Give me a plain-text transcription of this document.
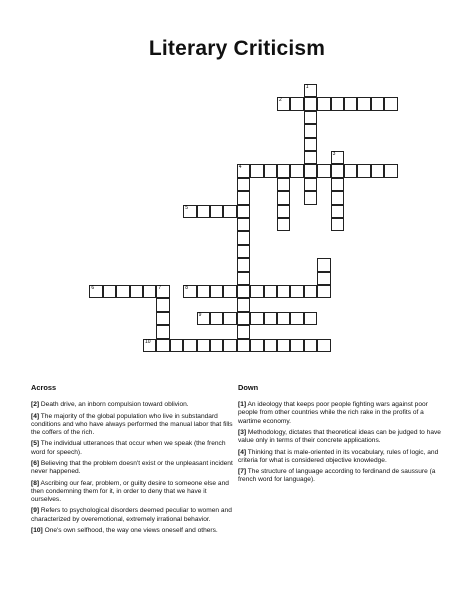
Literary Criticism
1
2
3
4
5
6	7	8
9
10
Across
[2] Death drive, an inborn compulsion toward oblivion.
[4] The majority of the global population who live in substandard conditions and who have always performed the manual labor that fills the coffers of the rich.
[5] The individual utterances that occur when we speak (the french word for speech).
[6] Believing that the problem doesn't exist or the unpleasant incident never happened.
[8] Ascribing our fear, problem, or guilty desire to someone else and then condemning them for it, in order to deny that we have it ourselves.
[9] Refers to psychological disorders deemed peculiar to women and characterized by overemotional, extremely irrational behavior.
[10] One's own selfhood, the way one views oneself and others.
Down
[1] An ideology that keeps poor people fighting wars against poor people from other countries while the rich rake in the profits of a wartime economy.
[3] Methodology, dictates that theoretical ideas can be judged to have value only in terms of their concrete applications.
[4] Thinking that is male-oriented in its vocabulary, rules of logic, and criteria for what is considered objective knowledge.
[7] The structure of language according to ferdinand de saussure (a french word for language).
